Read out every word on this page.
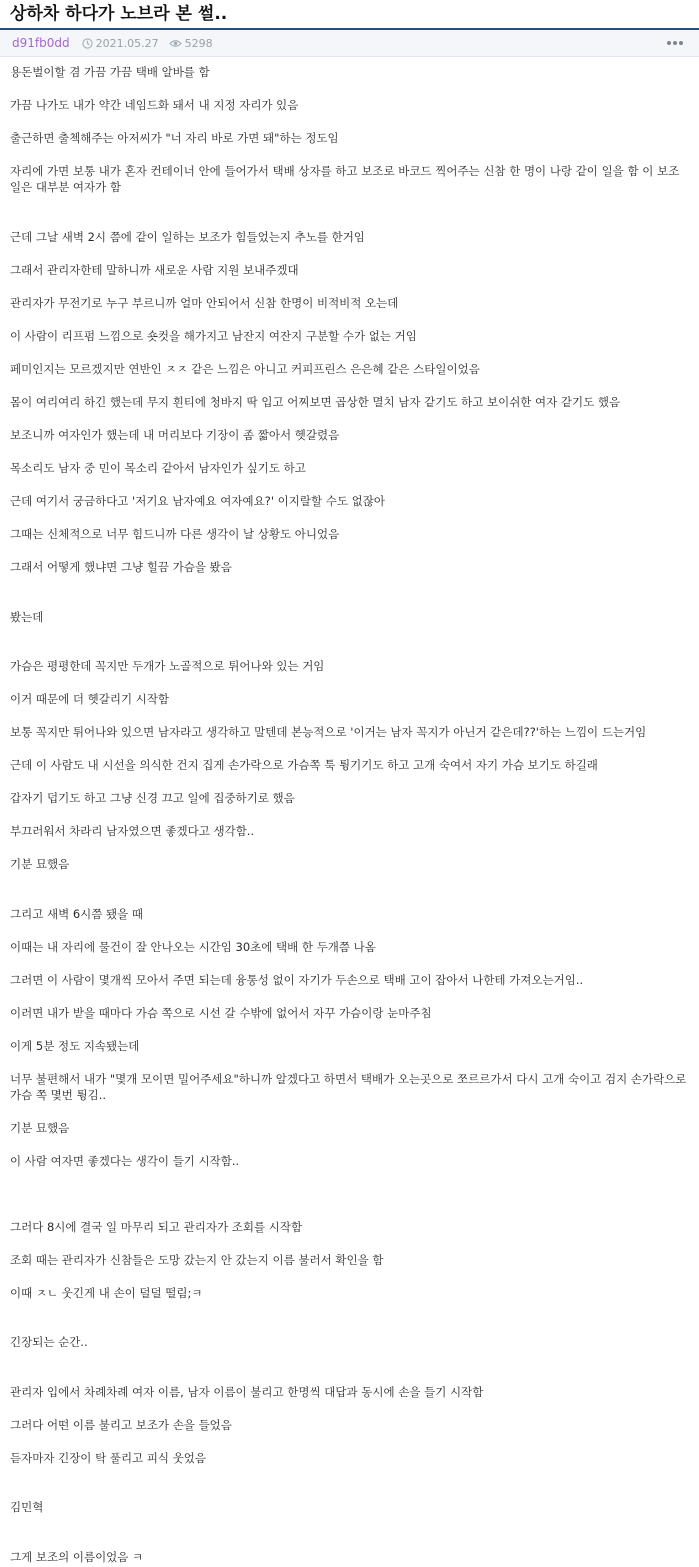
상하차 하다가 노브라 본 썰..
d91fb0dd 2021.05.27 5298

용돈벌이할 겸 가끔 가끔 택배 알바를 함

가끔 나가도 내가 약간 네임드화 돼서 내 지정 자리가 있음

출근하면 출첵해주는 아저씨가 "너 자리 바로 가면 돼"하는 정도임

자리에 가면 보통 내가 혼자 컨테이너 안에 들어가서 택배 상자를 하고 보조로 바코드 찍어주는 신참 한 명이 나랑 같이 일을 함 이 보조 일은 대부분 여자가 함

근데 그날 새벽 2시 쯤에 같이 일하는 보조가 힘들었는지 추노를 한거임

그래서 관리자한테 말하니까 새로운 사람 지원 보내주겠대

관리자가 무전기로 누구 부르니까 얼마 안되어서 신참 한명이 비적비적 오는데

이 사람이 리프펌 느낌으로 숏컷을 해가지고 남잔지 여잔지 구분할 수가 없는 거임

페미인지는 모르겠지만 연반인 ㅈㅈ 같은 느낌은 아니고 커피프린스 은은혜 같은 스타일이었음

몸이 여리여리 하긴 했는데 무지 흰티에 청바지 딱 입고 어찌보면 곱상한 멸치 남자 같기도 하고 보이쉬한 여자 같기도 했음

보조니까 여자인가 했는데 내 머리보다 기장이 좀 짧아서 헷갈렸음

목소리도 남자 중 민이 목소리 같아서 남자인가 싶기도 하고

근데 여기서 궁금하다고 '저기요 남자예요 여자예요?' 이지랄할 수도 없잖아

그때는 신체적으로 너무 힘드니까 다른 생각이 날 상황도 아니었음

그래서 어떻게 했냐면 그냥 힐끔 가슴을 봤음

봤는데

가슴은 평평한데 꼭지만 두개가 노골적으로 튀어나와 있는 거임

이거 때문에 더 헷갈리기 시작함

보통 꼭지만 튀어나와 있으면 남자라고 생각하고 말텐데 본능적으로 '이거는 남자 꼭지가 아닌거 같은데??'하는 느낌이 드는거임

근데 이 사람도 내 시선을 의식한 건지 집게 손가락으로 가슴쪽 툭 튕기기도 하고 고개 숙여서 자기 가슴 보기도 하길래

갑자기 덥기도 하고 그냥 신경 끄고 일에 집중하기로 했음

부끄러워서 차라리 남자였으면 좋겠다고 생각함..

기분 묘했음

그리고 새벽 6시쯤 됐을 때

이때는 내 자리에 물건이 잘 안나오는 시간임 30초에 택배 한 두개쯤 나옴

그러면 이 사람이 몇개씩 모아서 주면 되는데 융통성 없이 자기가 두손으로 택배 고이 잡아서 나한테 가져오는거임..

이러면 내가 받을 때마다 가슴 쪽으로 시선 갈 수밖에 없어서 자꾸 가슴이랑 눈마주침

이게 5분 정도 지속됐는데

너무 불편해서 내가 "몇개 모이면 밀어주세요"하니까 알겠다고 하면서 택배가 오는곳으로 쪼르르가서 다시 고개 숙이고 검지 손가락으로 가슴 쪽 몇번 튕김..

기분 묘했음

이 사람 여자면 좋겠다는 생각이 들기 시작함..

그러다 8시에 결국 일 마무리 되고 관리자가 조회를 시작함

조회 때는 관리자가 신참들은 도망 갔는지 안 갔는지 이름 불러서 확인을 함

이때 ㅈㄴ 웃긴게 내 손이 덜덜 떨림;ㅋ

긴장되는 순간..

관리자 입에서 차례차례 여자 이름, 남자 이름이 불리고 한명씩 대답과 동시에 손을 들기 시작함

그러다 어떤 이름 불리고 보조가 손을 들었음

듣자마자 긴장이 탁 풀리고 피식 웃었음

김민혁

그게 보조의 이름이었음 ㅋ
